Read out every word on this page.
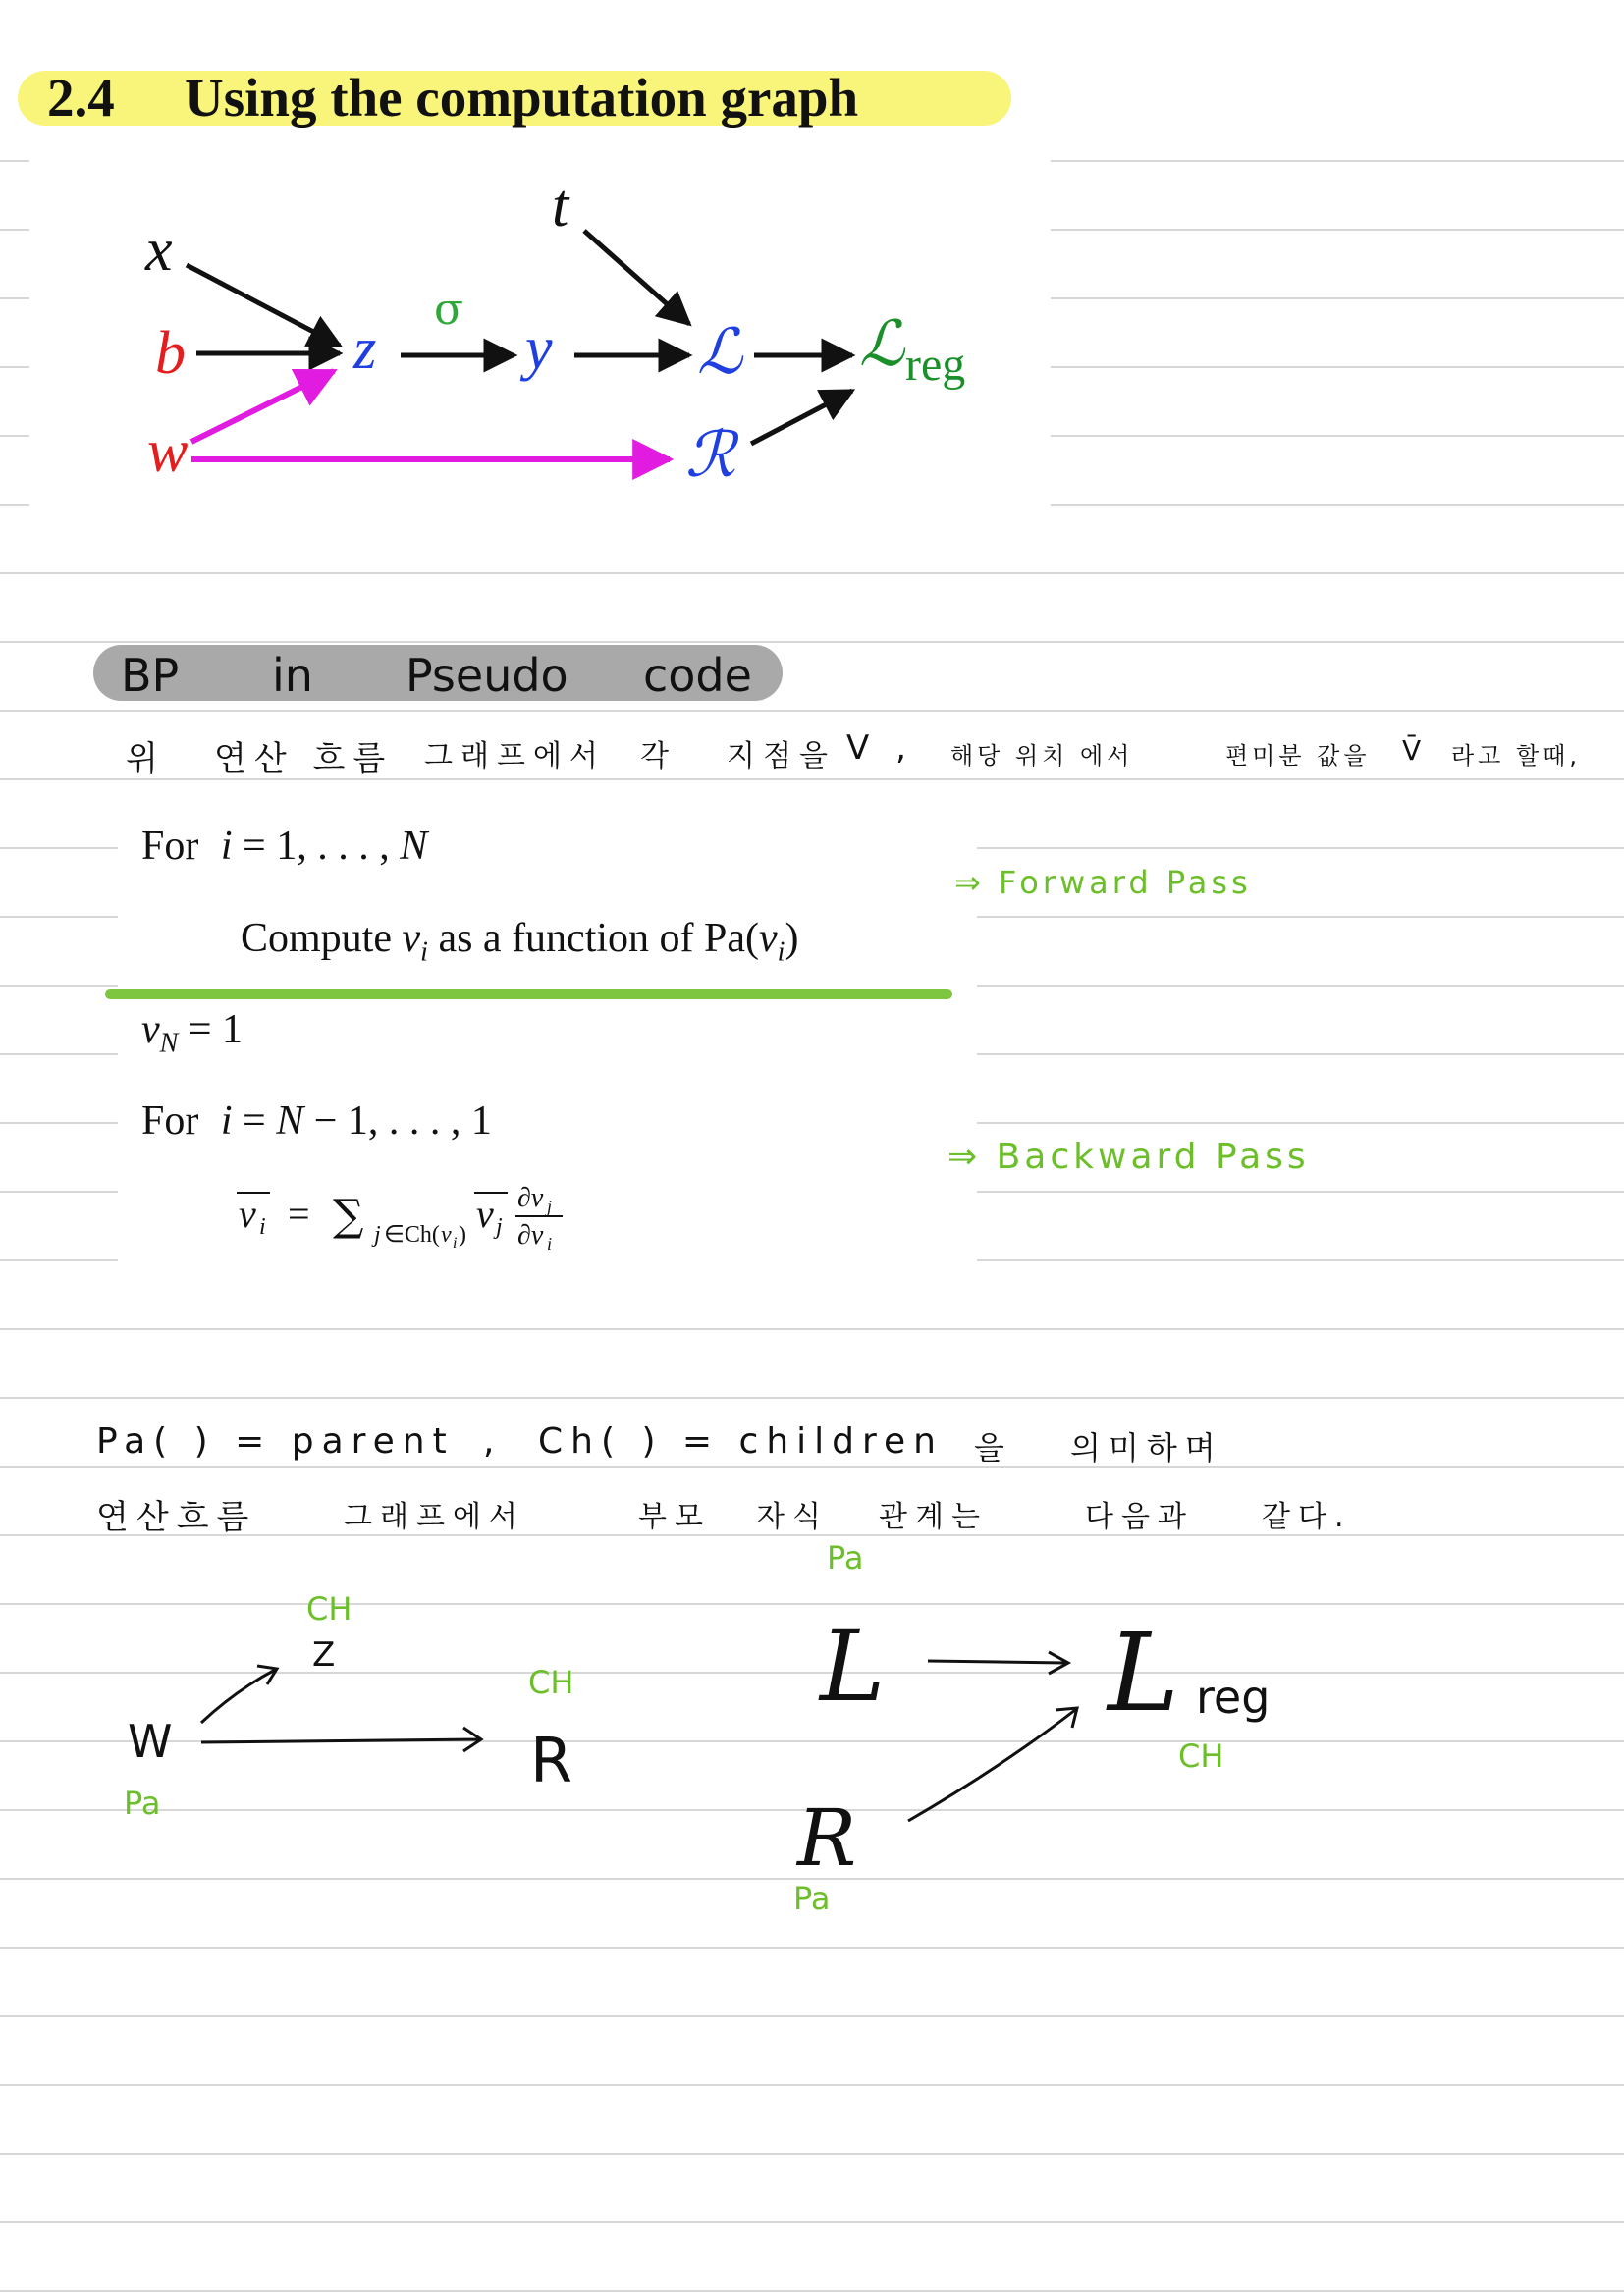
2.4 Using the computation graph
x
t
b
w
z
σ
y ℒ
ℛ
ℒ reg
BP in Pseudo code
위 연산 흐름 그래프에서 각 지점을 V , 해당 위치 에서	편미분 값을 V̄ 라고 할때,
For i = 1, . . . , N
Compute $v_i$ as a function of $Pa(v_i)$
$v_N = 1$
For i = N − 1, . . . , 1
v i = ∑ j ∈Ch( v i ) v j
∂v j
∂v i
⇒ Forward Pass
⇒ Backward Pass
Pa( ) = parent , Ch( ) = children 을 의미하며
연산흐름	그래프에서	부모 자식 관계는	다음과 같다.
CH
Z
CH
R
W
Pa
Pa
L L reg
CH
R
Pa
